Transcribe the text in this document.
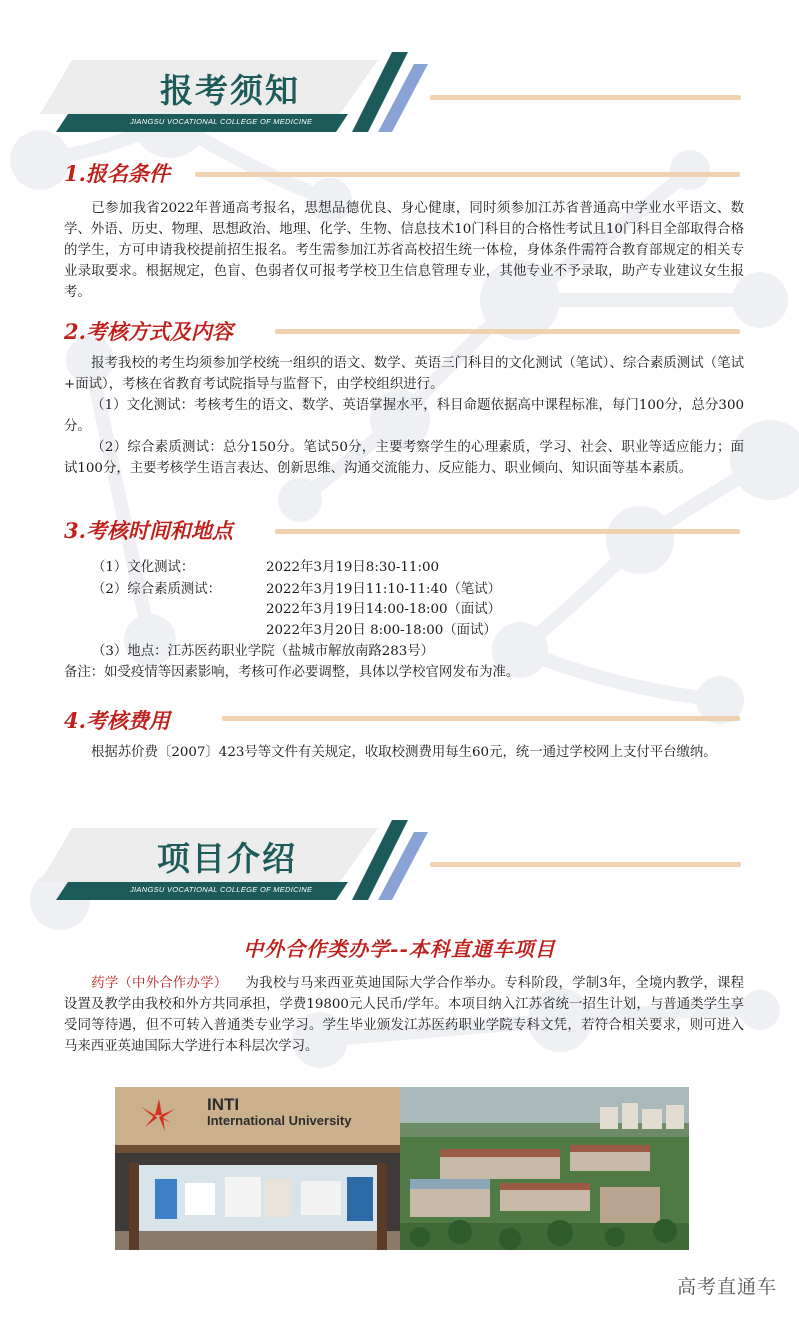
报考须知
JIANGSU VOCATIONAL COLLEGE OF MEDICINE
1.报名条件
已参加我省2022年普通高考报名，思想品德优良、身心健康，同时须参加江苏省普通高中学业水平语文、数学、外语、历史、物理、思想政治、地理、化学、生物、信息技术10门科目的合格性考试且10门科目全部取得合格的学生，方可申请我校提前招生报名。考生需参加江苏省高校招生统一体检，身体条件需符合教育部规定的相关专业录取要求。根据规定，色盲、色弱者仅可报考学校卫生信息管理专业，其他专业不予录取，助产专业建议女生报考。
2.考核方式及内容
报考我校的考生均须参加学校统一组织的语文、数学、英语三门科目的文化测试（笔试）、综合素质测试（笔试+面试），考核在省教育考试院指导与监督下，由学校组织进行。
（1）文化测试：考核考生的语文、数学、英语掌握水平，科目命题依据高中课程标准，每门100分，总分300分。
（2）综合素质测试：总分150分。笔试50分，主要考察学生的心理素质，学习、社会、职业等适应能力；面试100分，主要考核学生语言表达、创新思维、沟通交流能力、反应能力、职业倾向、知识面等基本素质。
3.考核时间和地点
（1）文化测试：	2022年3月19日8:30-11:00
（2）综合素质测试：	2022年3月19日11:10-11:40（笔试）
2022年3月19日14:00-18:00（面试）
2022年3月20日 8:00-18:00（面试）
（3）地点：江苏医药职业学院（盐城市解放南路283号）
备注：如受疫情等因素影响，考核可作必要调整，具体以学校官网发布为准。
4.考核费用
根据苏价费〔2007〕423号等文件有关规定，收取校测费用每生60元，统一通过学校网上支付平台缴纳。
项目介绍
JIANGSU VOCATIONAL COLLEGE OF MEDICINE
中外合作类办学--本科直通车项目
药学（中外合作办学） 为我校与马来西亚英迪国际大学合作举办。专科阶段，学制3年，全境内教学，课程设置及教学由我校和外方共同承担，学费19800元人民币/学年。本项目纳入江苏省统一招生计划，与普通类学生享受同等待遇，但不可转入普通类专业学习。学生毕业颁发江苏医药职业学院专科文凭，若符合相关要求，则可进入马来西亚英迪国际大学进行本科层次学习。
INTI
International University
高考直通车
